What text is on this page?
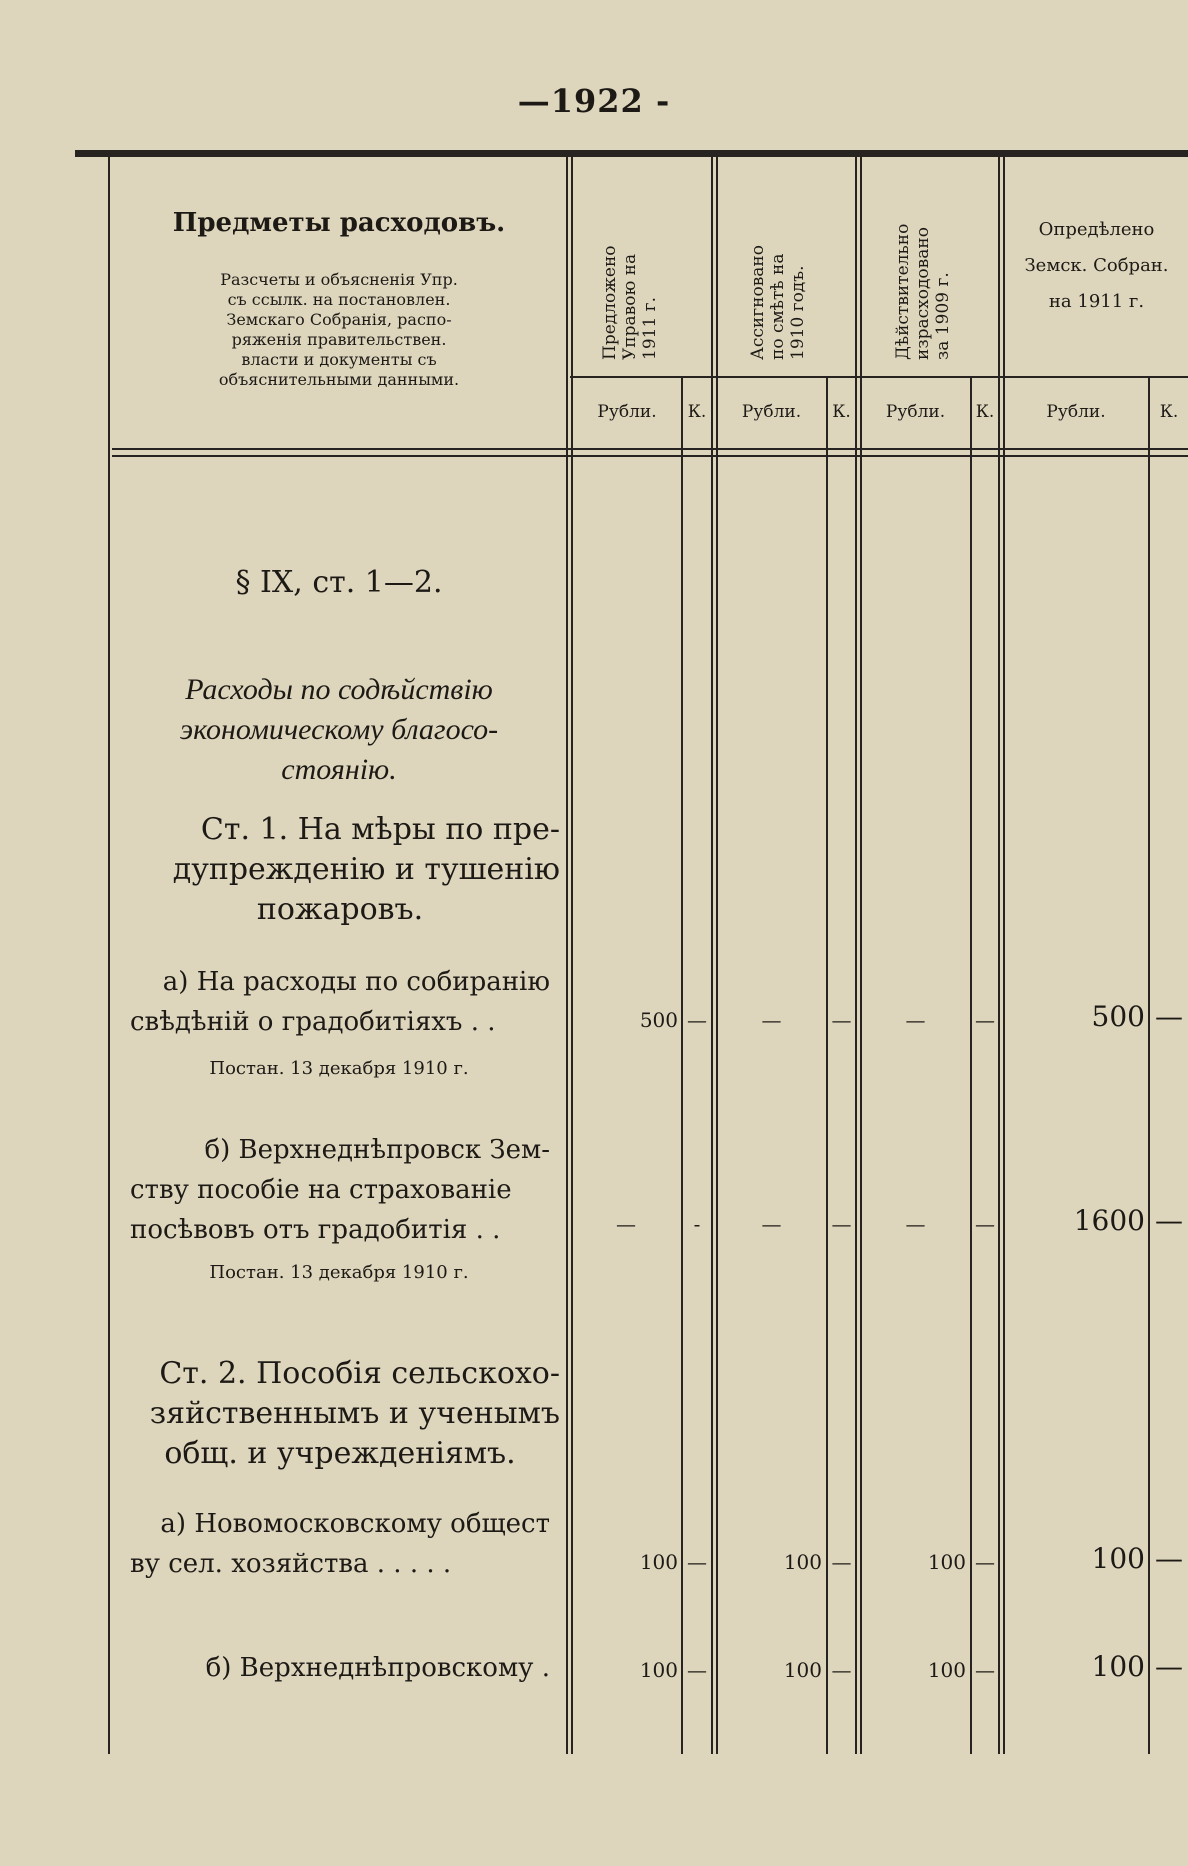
—1922 -
Предметы расходовъ.
Разсчеты и объясненія Упр.
съ ссылк. на постановлен.
Земскаго Собранія, распо-
ряженія правительствен.
власти и документы съ
объяснительными данными.
Предложено
Управою на
1911 г.	Ассигновано
по смѣтѣ на
1910 годъ.	Дѣйствительно
израсходовано
за 1909 г.
Опредѣлено
Земск. Собран.
на 1911 г.
Рубли.	К.	Рубли.	К.	Рубли.	К.	Рубли.	К.
§ IX, ст. 1—2.
Расходы по содѣйствію
экономическому благосо-
стоянію.
Ст. 1. На мѣры по пре-
дупрежденію и тушенію
пожаровъ.
а) На расходы по собиранію
свѣдѣній о градобитіяхъ . .
Постан. 13 декабря 1910 г.
500 —	—	—	—	—	500 —
б) Верхнеднѣпровск Зем-
ству пособіе на страхованіе
посѣвовъ отъ градобитія . .
Постан. 13 декабря 1910 г.
—	-	—	—	—	—	1600 —
Ст. 2. Пособія сельскохо-
зяйственнымъ и ученымъ
общ. и учрежденіямъ.
а) Новомосковскому общест
ву сел. хозяйства . . . . .	100 —	100 —	100 —	100 —
б) Верхнеднѣпровскому .	100 —	100 —	100 —	100 —
